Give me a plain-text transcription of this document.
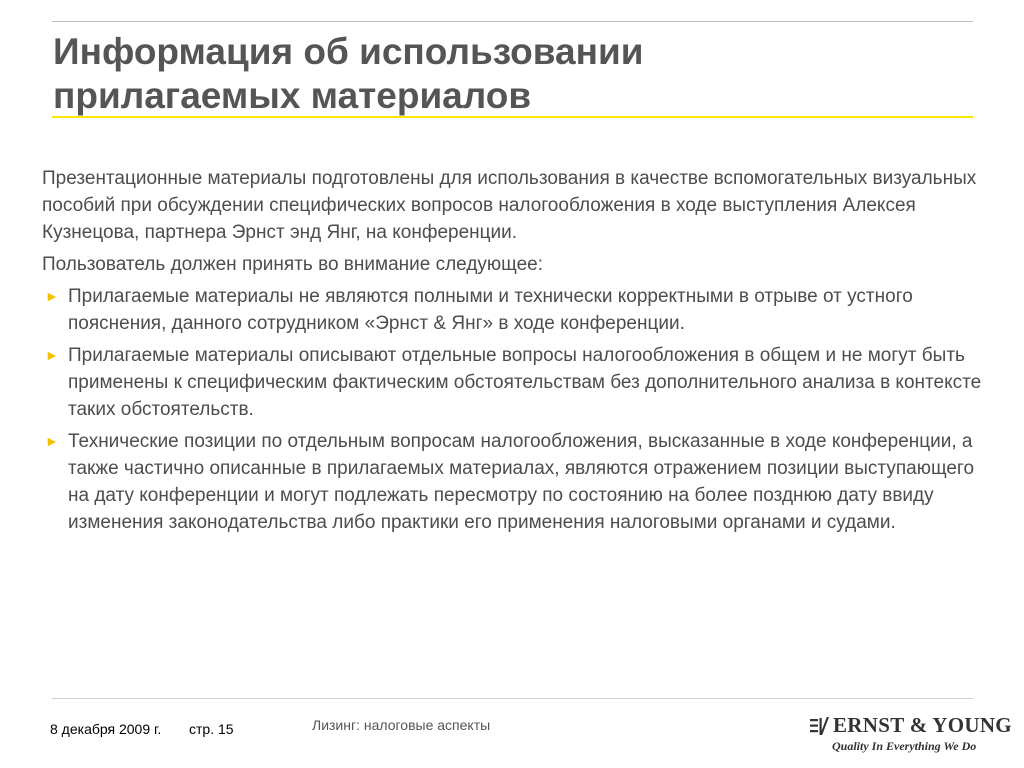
Информация об использовании
прилагаемых материалов

Презентационные материалы подготовлены для использования в качестве вспомогательных визуальных пособий при обсуждении специфических вопросов налогообложения в ходе выступления Алексея Кузнецова, партнера Эрнст энд Янг, на конференции.

Пользователь должен принять во внимание следующее:

► Прилагаемые материалы не являются полными и технически корректными в отрыве от устного пояснения, данного сотрудником «Эрнст & Янг» в ходе конференции.
► Прилагаемые материалы описывают отдельные вопросы налогообложения в общем и не могут быть применены к специфическим фактическим обстоятельствам без дополнительного анализа в контексте таких обстоятельств.
► Технические позиции по отдельным вопросам налогообложения, высказанные в ходе конференции, а также частично описанные в прилагаемых материалах, являются отражением позиции выступающего на дату конференции и могут подлежать пересмотру по состоянию на более позднюю дату ввиду изменения законодательства либо практики его применения налоговыми органами и судами.
8 декабря 2009 г. стр. 15	Лизинг: налоговые аспекты	ERNST & YOUNG
Quality In Everything We Do
